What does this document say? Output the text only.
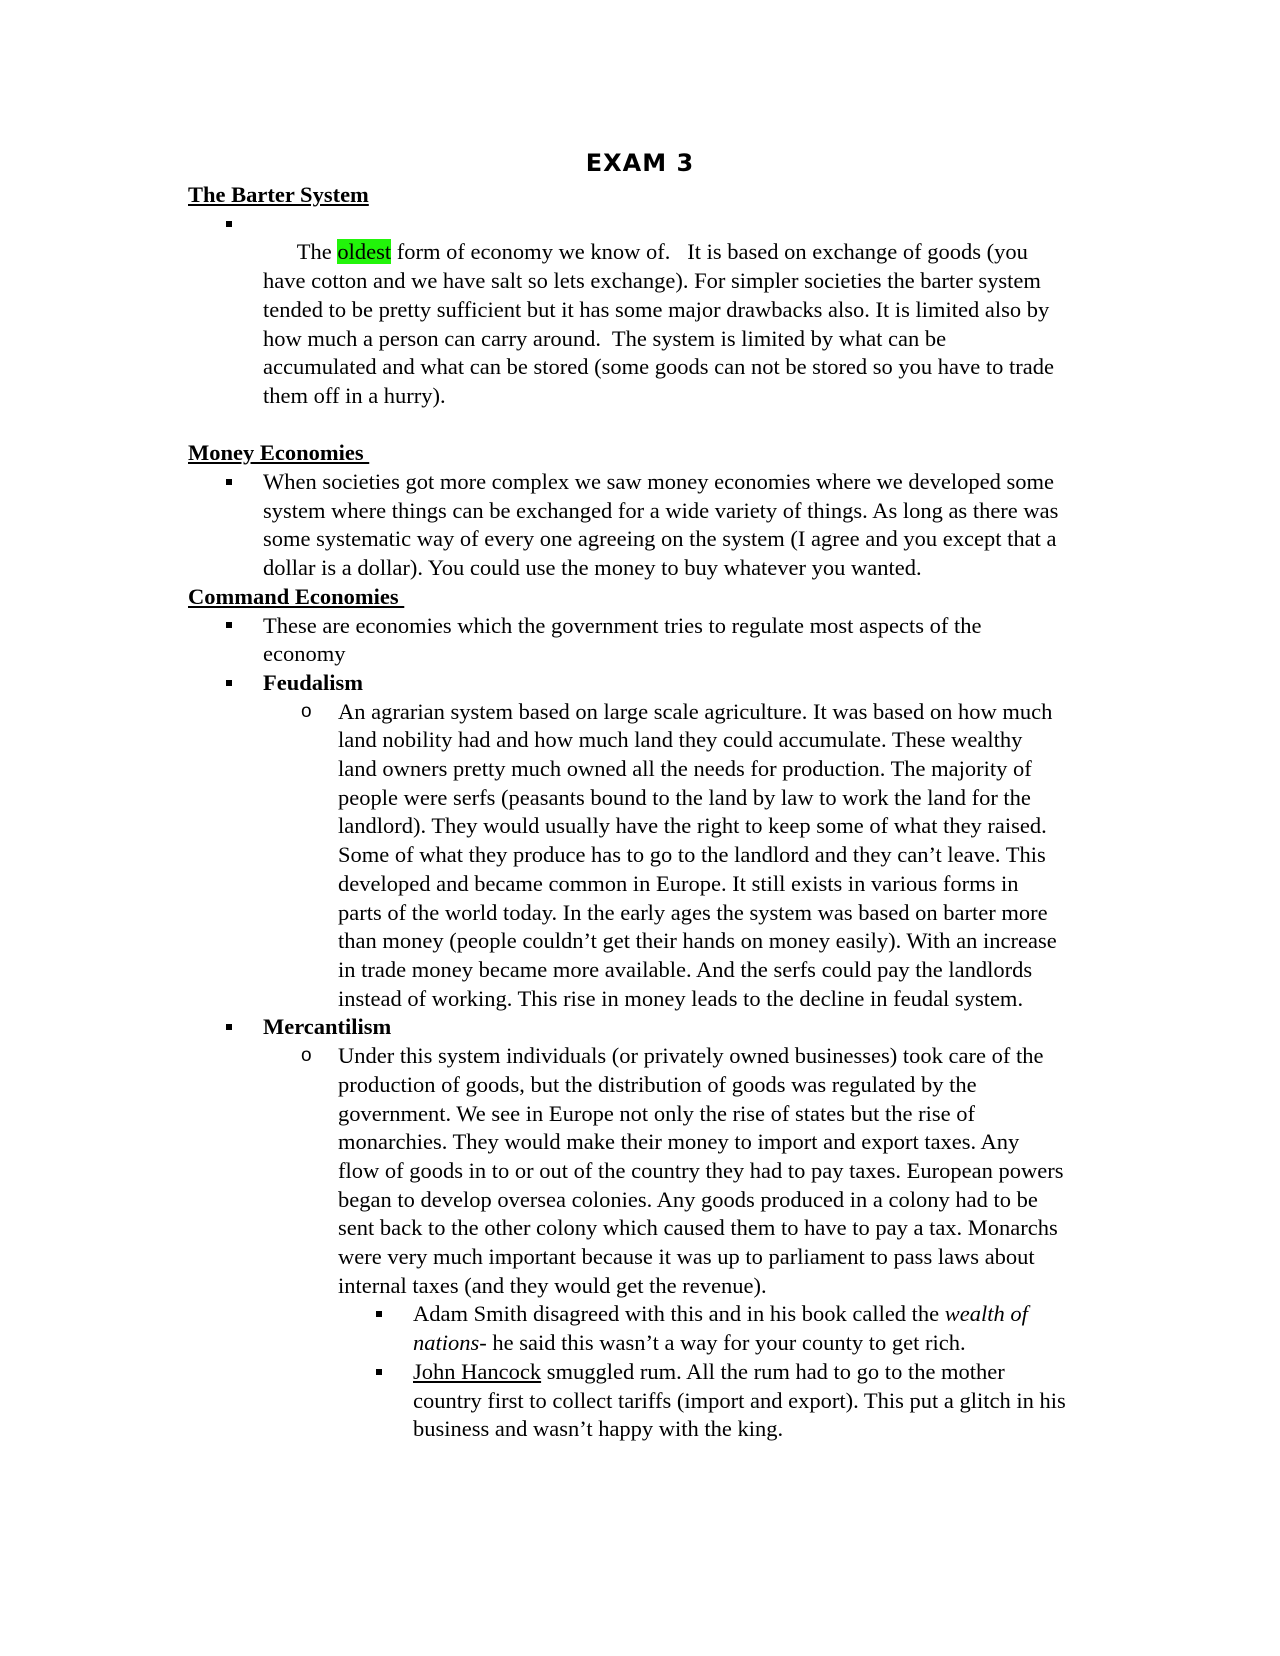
EXAM 3

The Barter System

The oldest form of economy we know of.   It is based on exchange of goods (you have cotton and we have salt so lets exchange). For simpler societies the barter system tended to be pretty sufficient but it has some major drawbacks also. It is limited also by how much a person can carry around.  The system is limited by what can be accumulated and what can be stored (some goods can not be stored so you have to trade them off in a hurry).

Money Economies

When societies got more complex we saw money economies where we developed some system where things can be exchanged for a wide variety of things. As long as there was some systematic way of every one agreeing on the system (I agree and you except that a dollar is a dollar). You could use the money to buy whatever you wanted.

Command Economies

These are economies which the government tries to regulate most aspects of the economy

Feudalism

o	An agrarian system based on large scale agriculture. It was based on how much land nobility had and how much land they could accumulate. These wealthy land owners pretty much owned all the needs for production. The majority of people were serfs (peasants bound to the land by law to work the land for the landlord). They would usually have the right to keep some of what they raised. Some of what they produce has to go to the landlord and they can’t leave. This developed and became common in Europe. It still exists in various forms in parts of the world today. In the early ages the system was based on barter more than money (people couldn’t get their hands on money easily). With an increase in trade money became more available. And the serfs could pay the landlords instead of working. This rise in money leads to the decline in feudal system.

Mercantilism

o	Under this system individuals (or privately owned businesses) took care of the production of goods, but the distribution of goods was regulated by the government. We see in Europe not only the rise of states but the rise of monarchies. They would make their money to import and export taxes. Any flow of goods in to or out of the country they had to pay taxes. European powers began to develop oversea colonies. Any goods produced in a colony had to be sent back to the other colony which caused them to have to pay a tax. Monarchs were very much important because it was up to parliament to pass laws about internal taxes (and they would get the revenue).

Adam Smith disagreed with this and in his book called the wealth of nations- he said this wasn’t a way for your county to get rich.

John Hancock smuggled rum. All the rum had to go to the mother country first to collect tariffs (import and export). This put a glitch in his business and wasn’t happy with the king.
